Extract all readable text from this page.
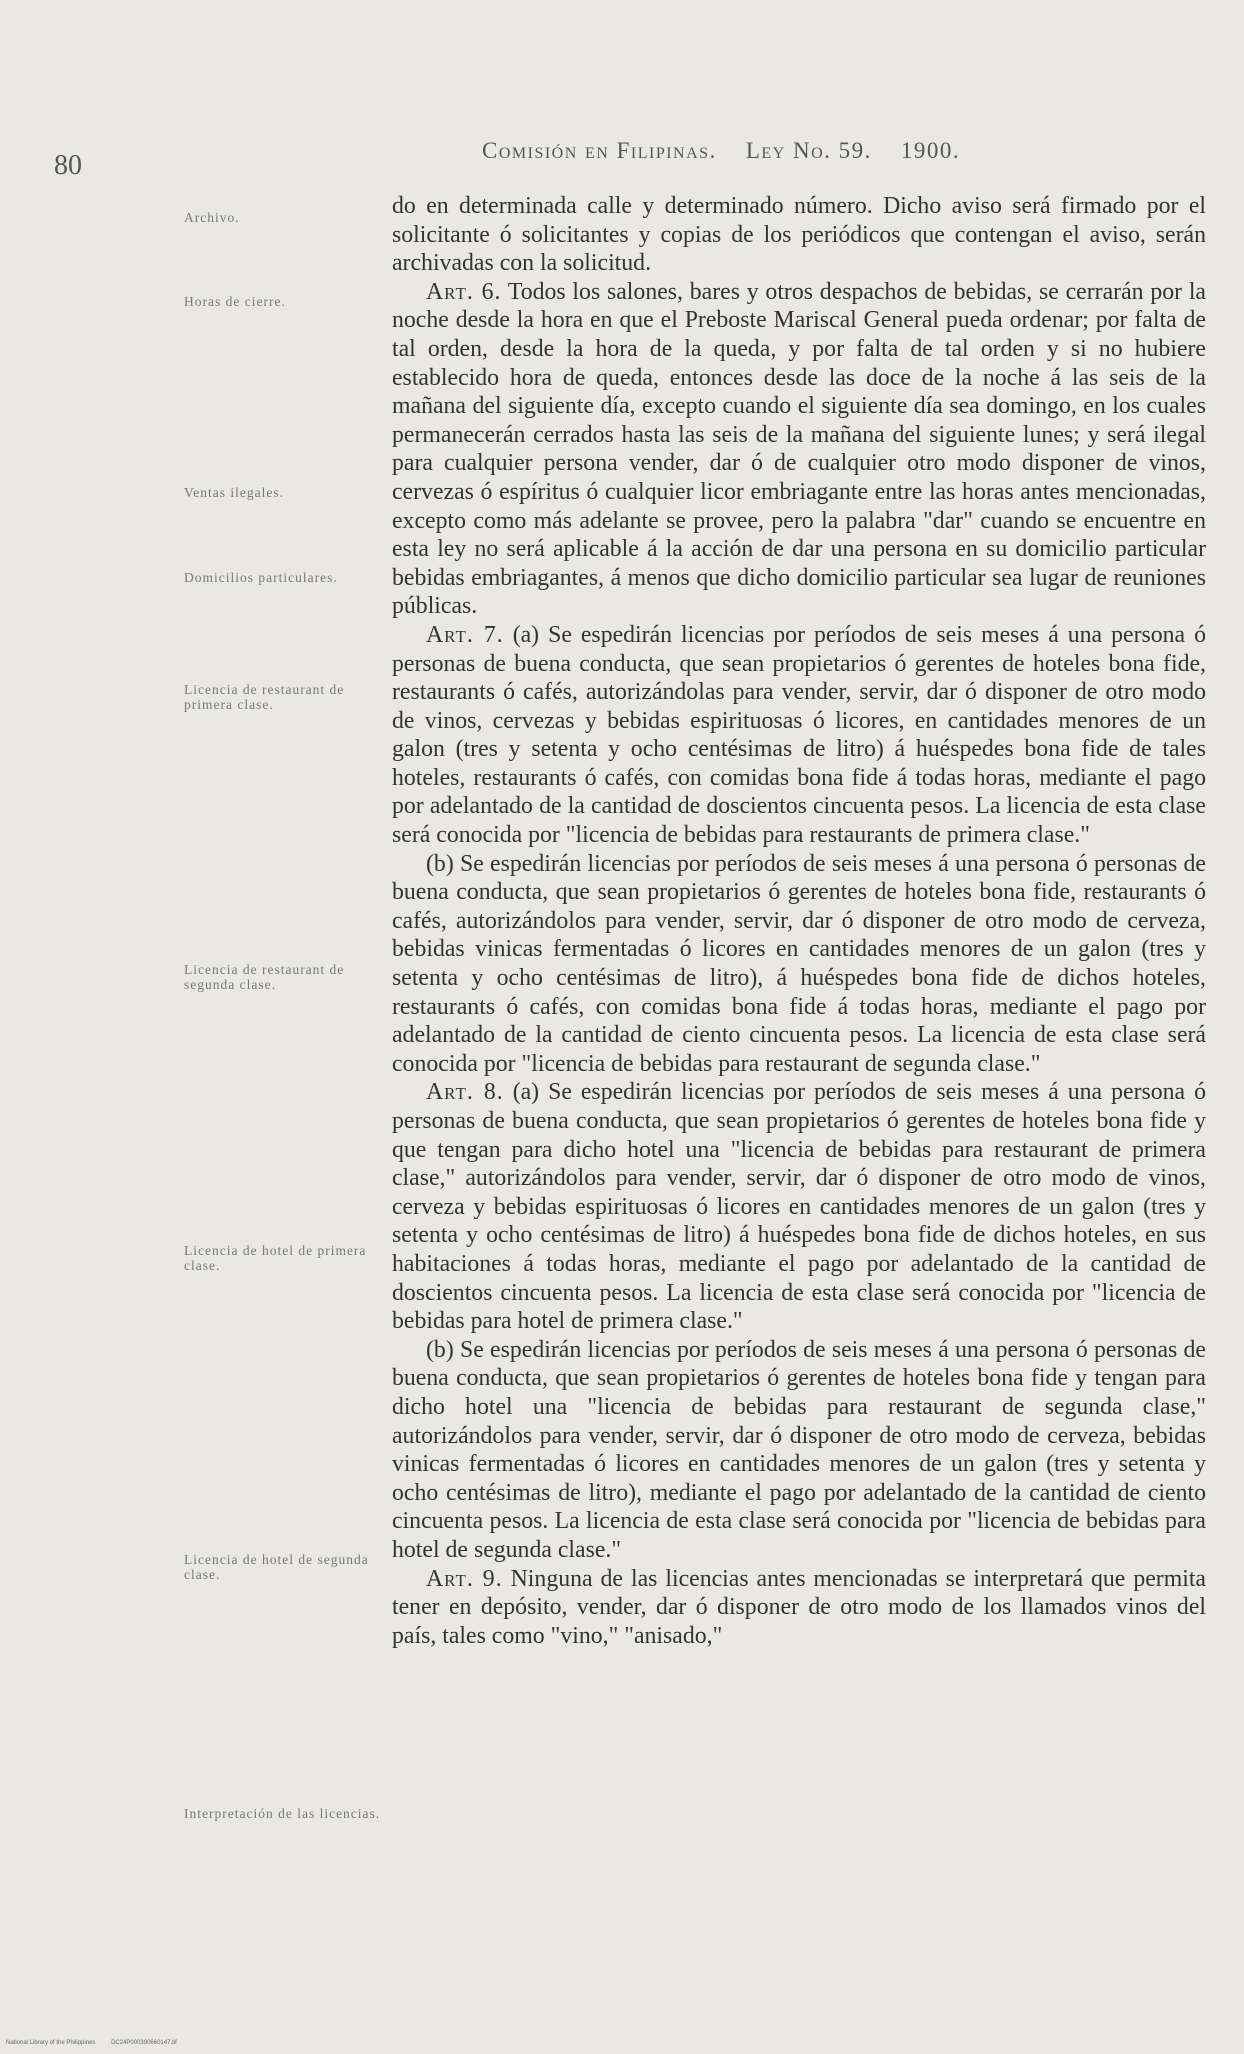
80	Comisión en Filipinas. Ley No. 59. 1900.
Archivo.
Horas de cierre.
Ventas ilegales.
Domicilios particulares.
Licencia de restaurant de primera clase.
Licencia de restaurant de segunda clase.
Licencia de hotel de primera clase.
Licencia de hotel de segunda clase.
Interpretación de las licencias.

do en determinada calle y determinado número. Dicho aviso será firmado por el solicitante ó solicitantes y copias de los periódicos que contengan el aviso, serán archivadas con la solicitud.

Art. 6. Todos los salones, bares y otros despachos de bebidas, se cerrarán por la noche desde la hora en que el Preboste Mariscal General pueda ordenar; por falta de tal orden, desde la hora de la queda, y por falta de tal orden y si no hubiere establecido hora de queda, entonces desde las doce de la noche á las seis de la mañana del siguiente día, excepto cuando el siguiente día sea domingo, en los cuales permanecerán cerrados hasta las seis de la mañana del siguiente lunes; y será ilegal para cualquier persona vender, dar ó de cualquier otro modo disponer de vinos, cervezas ó espíritus ó cualquier licor embriagante entre las horas antes mencionadas, excepto como más adelante se provee, pero la palabra "dar" cuando se encuentre en esta ley no será aplicable á la acción de dar una persona en su domicilio particular bebidas embriagantes, á menos que dicho domicilio particular sea lugar de reuniones públicas.

Art. 7. (a) Se espedirán licencias por períodos de seis meses á una persona ó personas de buena conducta, que sean propietarios ó gerentes de hoteles bona fide, restaurants ó cafés, autorizándolas para vender, servir, dar ó disponer de otro modo de vinos, cervezas y bebidas espirituosas ó licores, en cantidades menores de un galon (tres y setenta y ocho centésimas de litro) á huéspedes bona fide de tales hoteles, restaurants ó cafés, con comidas bona fide á todas horas, mediante el pago por adelantado de la cantidad de doscientos cincuenta pesos. La licencia de esta clase será conocida por "licencia de bebidas para restaurants de primera clase."

(b) Se espedirán licencias por períodos de seis meses á una persona ó personas de buena conducta, que sean propietarios ó gerentes de hoteles bona fide, restaurants ó cafés, autorizándolos para vender, servir, dar ó disponer de otro modo de cerveza, bebidas vinicas fermentadas ó licores en cantidades menores de un galon (tres y setenta y ocho centésimas de litro), á huéspedes bona fide de dichos hoteles, restaurants ó cafés, con comidas bona fide á todas horas, mediante el pago por adelantado de la cantidad de ciento cincuenta pesos. La licencia de esta clase será conocida por "licencia de bebidas para restaurant de segunda clase."

Art. 8. (a) Se espedirán licencias por períodos de seis meses á una persona ó personas de buena conducta, que sean propietarios ó gerentes de hoteles bona fide y que tengan para dicho hotel una "licencia de bebidas para restaurant de primera clase," autorizándolos para vender, servir, dar ó disponer de otro modo de vinos, cerveza y bebidas espirituosas ó licores en cantidades menores de un galon (tres y setenta y ocho centésimas de litro) á huéspedes bona fide de dichos hoteles, en sus habitaciones á todas horas, mediante el pago por adelantado de la cantidad de doscientos cincuenta pesos. La licencia de esta clase será conocida por "licencia de bebidas para hotel de primera clase."

(b) Se espedirán licencias por períodos de seis meses á una persona ó personas de buena conducta, que sean propietarios ó gerentes de hoteles bona fide y tengan para dicho hotel una "licencia de bebidas para restaurant de segunda clase," autorizándolos para vender, servir, dar ó disponer de otro modo de cerveza, bebidas vinicas fermentadas ó licores en cantidades menores de un galon (tres y setenta y ocho centésimas de litro), mediante el pago por adelantado de la cantidad de ciento cincuenta pesos. La licencia de esta clase será conocida por "licencia de bebidas para hotel de segunda clase."

Art. 9. Ninguna de las licencias antes mencionadas se interpretará que permita tener en depósito, vender, dar ó disponer de otro modo de los llamados vinos del país, tales como "vino," "anisado,"

National Library of the Philippines	DC24P000390660147.tif
